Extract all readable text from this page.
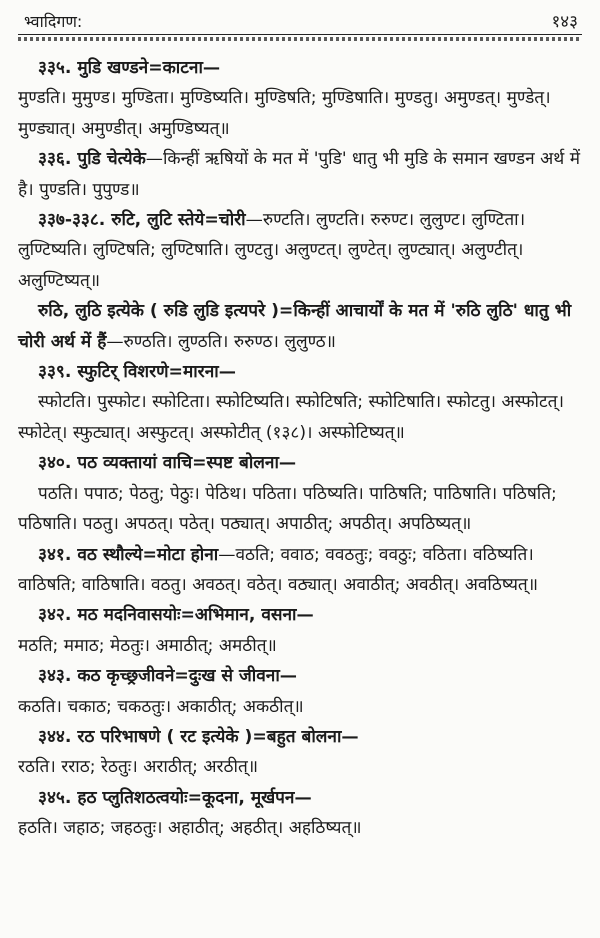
भ्वादिगण:	१४३

३३५. मुडि खण्डने=काटना—

मुण्डति। मुमुण्ड। मुण्डिता। मुण्डिष्यति। मुण्डिषति; मुण्डिषाति। मुण्डतु। अमुण्डत्। मुण्डेत्। मुण्ड्यात्। अमुण्डीत्। अमुण्डिष्यत्॥

३३६. पुडि चेत्येके—किन्हीं ऋषियों के मत में 'पुडि' धातु भी मुडि के समान खण्डन अर्थ में है। पुण्डति। पुपुण्ड॥

३३७-३३८. रुटि, लुटि स्तेये=चोरी—रुण्टति। लुण्टति। रुरुण्ट। लुलुण्ट। लुण्टिता। लुण्टिष्यति। लुण्टिषति; लुण्टिषाति। लुण्टतु। अलुण्टत्। लुण्टेत्। लुण्ट्यात्। अलुण्टीत्। अलुण्टिष्यत्॥

रुठि, लुठि इत्येके ( रुडि लुडि इत्यपरे )=किन्हीं आचार्यों के मत में 'रुठि लुठि' धातु भी चोरी अर्थ में हैं—रुण्ठति। लुण्ठति। रुरुण्ठ। लुलुण्ठ॥

३३९. स्फुटिर् विशरणे=मारना—

स्फोटति। पुस्फोट। स्फोटिता। स्फोटिष्यति। स्फोटिषति; स्फोटिषाति। स्फोटतु। अस्फोटत्। स्फोटेत्। स्फुट्यात्। अस्फुटत्। अस्फोटीत् (१३८)। अस्फोटिष्यत्॥

३४०. पठ व्यक्तायां वाचि=स्पष्ट बोलना—

पठति। पपाठ; पेठतु; पेठुः। पेठिथ। पठिता। पठिष्यति। पाठिषति; पाठिषाति। पठिषति; पठिषाति। पठतु। अपठत्। पठेत्। पठ्यात्। अपाठीत्; अपठीत्। अपठिष्यत्॥

३४१. वठ स्थौल्ये=मोटा होना—वठति; ववाठ; ववठतुः; ववठुः; वठिता। वठिष्यति। वाठिषति; वाठिषाति। वठतु। अवठत्। वठेत्। वठ्यात्। अवाठीत्; अवठीत्। अवठिष्यत्॥

३४२. मठ मदनिवासयोः=अभिमान, वसना—

मठति; ममाठ; मेठतुः। अमाठीत्; अमठीत्॥

३४३. कठ कृच्छ्रजीवने=दुःख से जीवना—

कठति। चकाठ; चकठतुः। अकाठीत्; अकठीत्॥

३४४. रठ परिभाषणे ( रट इत्येके )=बहुत बोलना—

रठति। रराठ; रेठतुः। अराठीत्; अरठीत्॥

३४५. हठ प्लुतिशठत्वयोः=कूदना, मूर्खपन—

हठति। जहाठ; जहठतुः। अहाठीत्; अहठीत्। अहठिष्यत्॥
